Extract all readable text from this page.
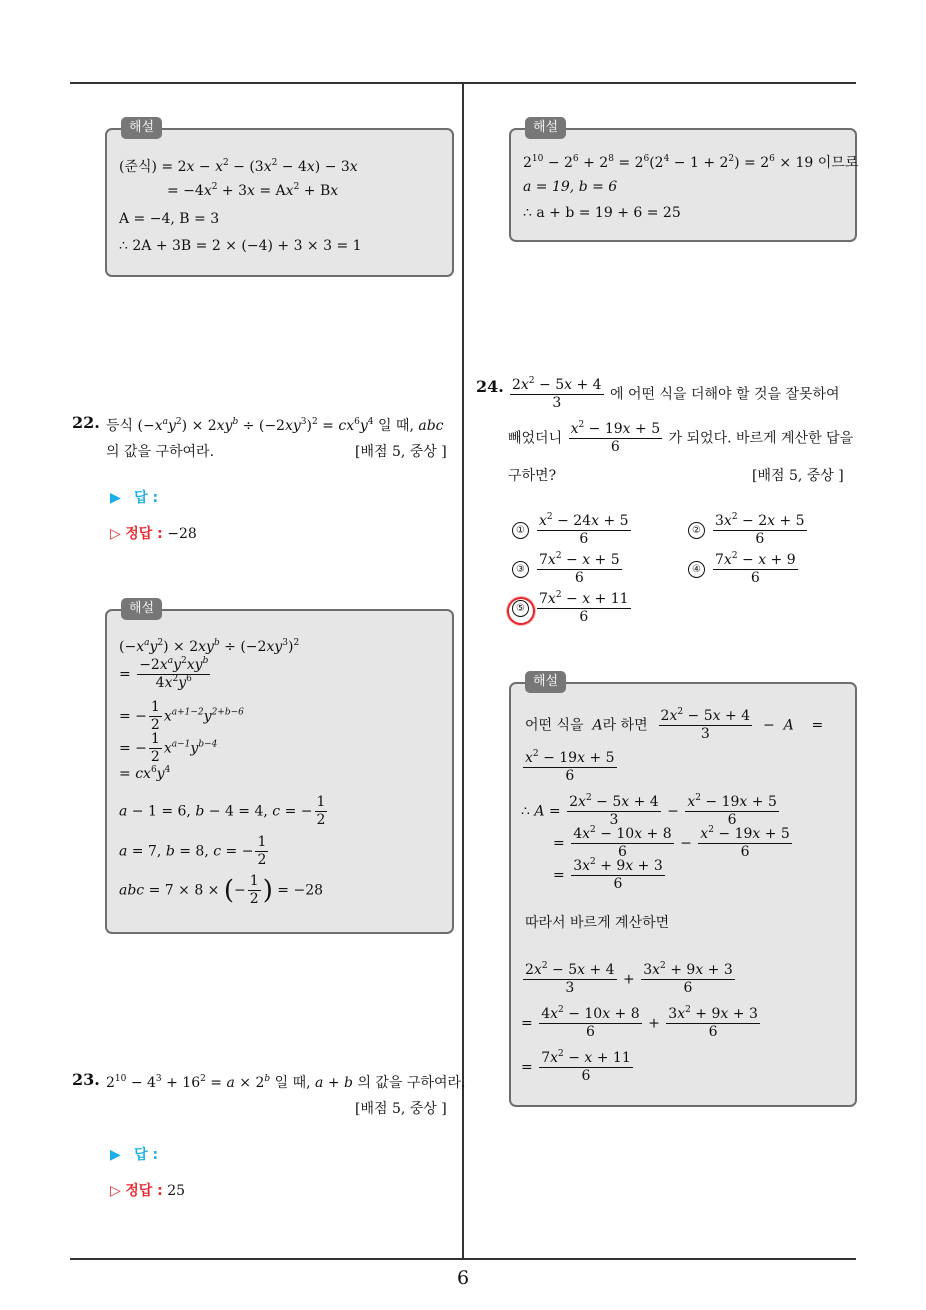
6
해설
(준식) = $2x - x^2 - (3x^2 - 4x) - 3x$
= $-4x^2 + 3x = Ax^2 + Bx$
A = −4, B = 3
∴ 2A + 3B = 2 × (−4) + 3 × 3 = 1
22. 등식 $(-x^ay^2) \times 2xy^b \div (-2xy^3)^2 = cx^6y^4$ 일 때, abc
의 값을 구하여라.	[배점 5, 중상 ]
▶ 답 :
▷ 정답 : −28
해설
$(-x^ay^2) \times 2xy^b \div (-2xy^3)^2$
= $\frac{-2x^ay^2xy^b}{4x^2y^6}$
= − $\frac{1}{2} x^{a+1-2}y^{2+b-6}$
= − $\frac{1}{2} x^{a-1}y^{b-4}$
= $cx^6y^4$
a − 1 = 6, b − 4 = 4, c = − $\frac{1}{2}$
a = 7, b = 8, c = − $\frac{1}{2}$
abc = 7 × 8 × (− $\frac{1}{2}$ ) = −28
23. $2^{10} - 4^3 + 16^2 = a \times 2^b$ 일 때, a + b 의 값을 구하여라.
[배점 5, 중상 ]
▶ 답 :
▷ 정답 : 25
해설
$2^{10} - 2^6 + 2^8 = 2^6(2^4 - 1 + 2^2) = 2^6 \times 19$ 이므로
a = 19, b = 6
∴ a + b = 19 + 6 = 25
24. $\frac{2x^2 - 5x + 4}{3}$ 에 어떤 식을 더해야 할 것을 잘못하여
빼었더니 $\frac{x^2 - 19x + 5}{6}$ 가 되었다. 바르게 계산한 답을
구하면?	[배점 5, 중상 ]
① $\frac{x^2 - 24x + 5}{6}$	② $\frac{3x^2 - 2x + 5}{6}$
③ $\frac{7x^2 - x + 5}{6}$	④ $\frac{7x^2 - x + 9}{6}$
⑤ $\frac{7x^2 - x + 11}{6}$
해설
어떤 식을 A라 하면 $\frac{2x^2 - 5x + 4}{3} - A$    =
$\frac{x^2 - 19x + 5}{6}$
∴ $A = \frac{2x^2 - 5x + 4}{3} - \frac{x^2 - 19x + 5}{6}$
= $\frac{4x^2 - 10x + 8}{6} - \frac{x^2 - 19x + 5}{6}$
= $\frac{3x^2 + 9x + 3}{6}$
따라서 바르게 계산하면
$\frac{2x^2 - 5x + 4}{3} + \frac{3x^2 + 9x + 3}{6}$
= $\frac{4x^2 - 10x + 8}{6} + \frac{3x^2 + 9x + 3}{6}$
= $\frac{7x^2 - x + 11}{6}$
